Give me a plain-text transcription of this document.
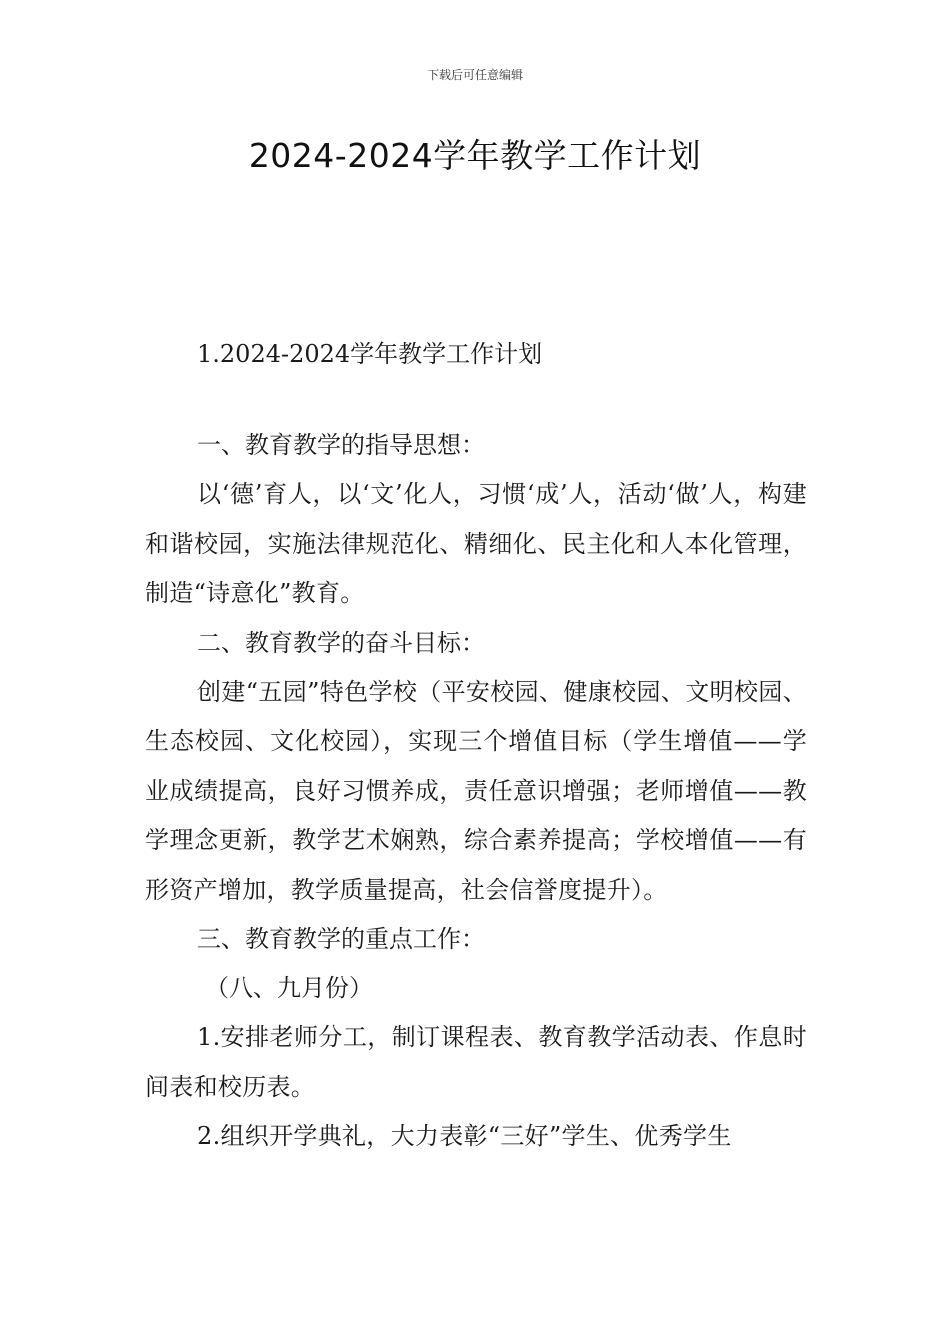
下载后可任意编辑
2024-2024学年教学工作计划

1.2024-2024学年教学工作计划

一、教育教学的指导思想：

以‘德’育人，以‘文’化人，习惯‘成’人，活动‘做’人，构建和谐校园，实施法律规范化、精细化、民主化和人本化管理，制造“诗意化”教育。

二、教育教学的奋斗目标：

创建“五园”特色学校（平安校园、健康校园、文明校园、生态校园、文化校园），实现三个增值目标（学生增值——学业成绩提高，良好习惯养成，责任意识增强；老师增值——教学理念更新，教学艺术娴熟，综合素养提高；学校增值——有形资产增加，教学质量提高，社会信誉度提升）。

三、教育教学的重点工作：

（八、九月份）

1.安排老师分工，制订课程表、教育教学活动表、作息时间表和校历表。

2.组织开学典礼，大力表彰“三好”学生、优秀学生
